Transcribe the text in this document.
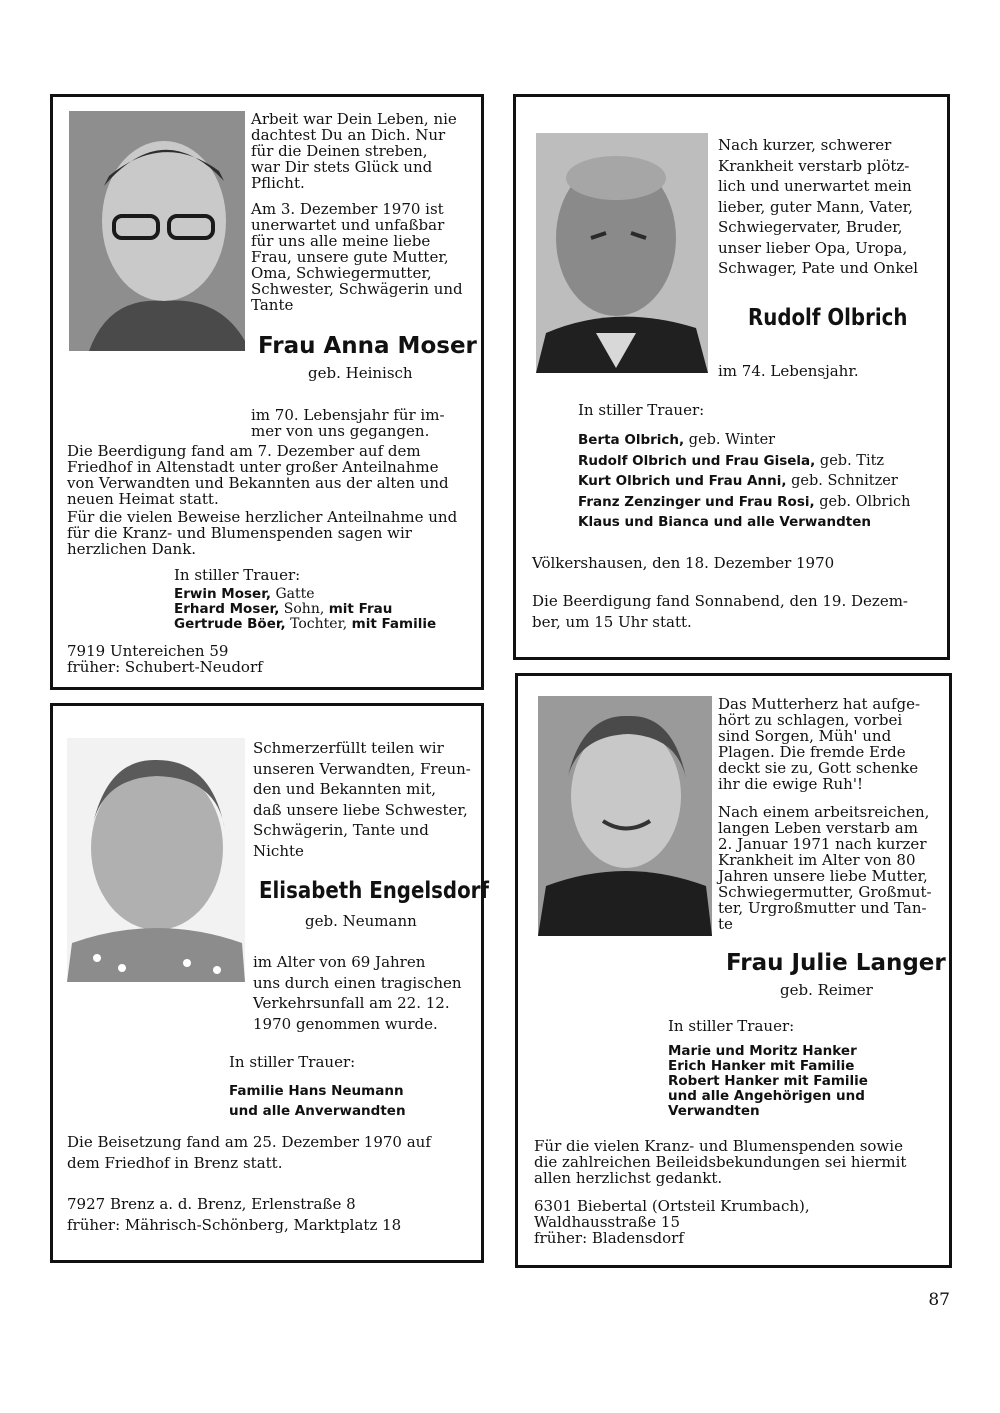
Arbeit war Dein Leben, nie
dachtest Du an Dich. Nur
für die Deinen streben,
war Dir stets Glück und
Pflicht.

Am 3. Dezember 1970 ist
unerwartet und unfaßbar
für uns alle meine liebe
Frau, unsere gute Mutter,
Oma, Schwiegermutter,
Schwester, Schwägerin und
Tante

Frau Anna Moser

geb. Heinisch

im 70. Lebensjahr für im-
mer von uns gegangen.

Die Beerdigung fand am 7. Dezember auf dem
Friedhof in Altenstadt unter großer Anteilnahme
von Verwandten und Bekannten aus der alten und
neuen Heimat statt.

Für die vielen Beweise herzlicher Anteilnahme und
für die Kranz- und Blumenspenden sagen wir
herzlichen Dank.

In stiller Trauer:

Erwin Moser, Gatte
Erhard Moser, Sohn, mit Frau
Gertrude Böer, Tochter, mit Familie

7919 Untereichen 59
früher: Schubert-Neudorf

Nach kurzer, schwerer
Krankheit verstarb plötz-
lich und unerwartet mein
lieber, guter Mann, Vater,
Schwiegervater, Bruder,
unser lieber Opa, Uropa,
Schwager, Pate und Onkel

Rudolf Olbrich

im 74. Lebensjahr.

In stiller Trauer:

Berta Olbrich, geb. Winter
Rudolf Olbrich und Frau Gisela, geb. Titz
Kurt Olbrich und Frau Anni, geb. Schnitzer
Franz Zenzinger und Frau Rosi, geb. Olbrich
Klaus und Bianca und alle Verwandten

Völkershausen, den 18. Dezember 1970

Die Beerdigung fand Sonnabend, den 19. Dezem-
ber, um 15 Uhr statt.

Schmerzerfüllt teilen wir
unseren Verwandten, Freun-
den und Bekannten mit,
daß unsere liebe Schwester,
Schwägerin, Tante und
Nichte

Elisabeth Engelsdorf

geb. Neumann

im Alter von 69 Jahren
uns durch einen tragischen
Verkehrsunfall am 22. 12.
1970 genommen wurde.

In stiller Trauer:

Familie Hans Neumann
und alle Anverwandten

Die Beisetzung fand am 25. Dezember 1970 auf
dem Friedhof in Brenz statt.

7927 Brenz a. d. Brenz, Erlenstraße 8
früher: Mährisch-Schönberg, Marktplatz 18

Das Mutterherz hat aufge-
hört zu schlagen, vorbei
sind Sorgen, Müh' und
Plagen. Die fremde Erde
deckt sie zu, Gott schenke
ihr die ewige Ruh'!

Nach einem arbeitsreichen,
langen Leben verstarb am
2. Januar 1971 nach kurzer
Krankheit im Alter von 80
Jahren unsere liebe Mutter,
Schwiegermutter, Großmut-
ter, Urgroßmutter und Tan-
te

Frau Julie Langer

geb. Reimer

In stiller Trauer:

Marie und Moritz Hanker
Erich Hanker mit Familie
Robert Hanker mit Familie
und alle Angehörigen und
Verwandten

Für die vielen Kranz- und Blumenspenden sowie
die zahlreichen Beileidsbekundungen sei hiermit
allen herzlichst gedankt.

6301 Biebertal (Ortsteil Krumbach),
Waldhausstraße 15
früher: Bladensdorf

87
